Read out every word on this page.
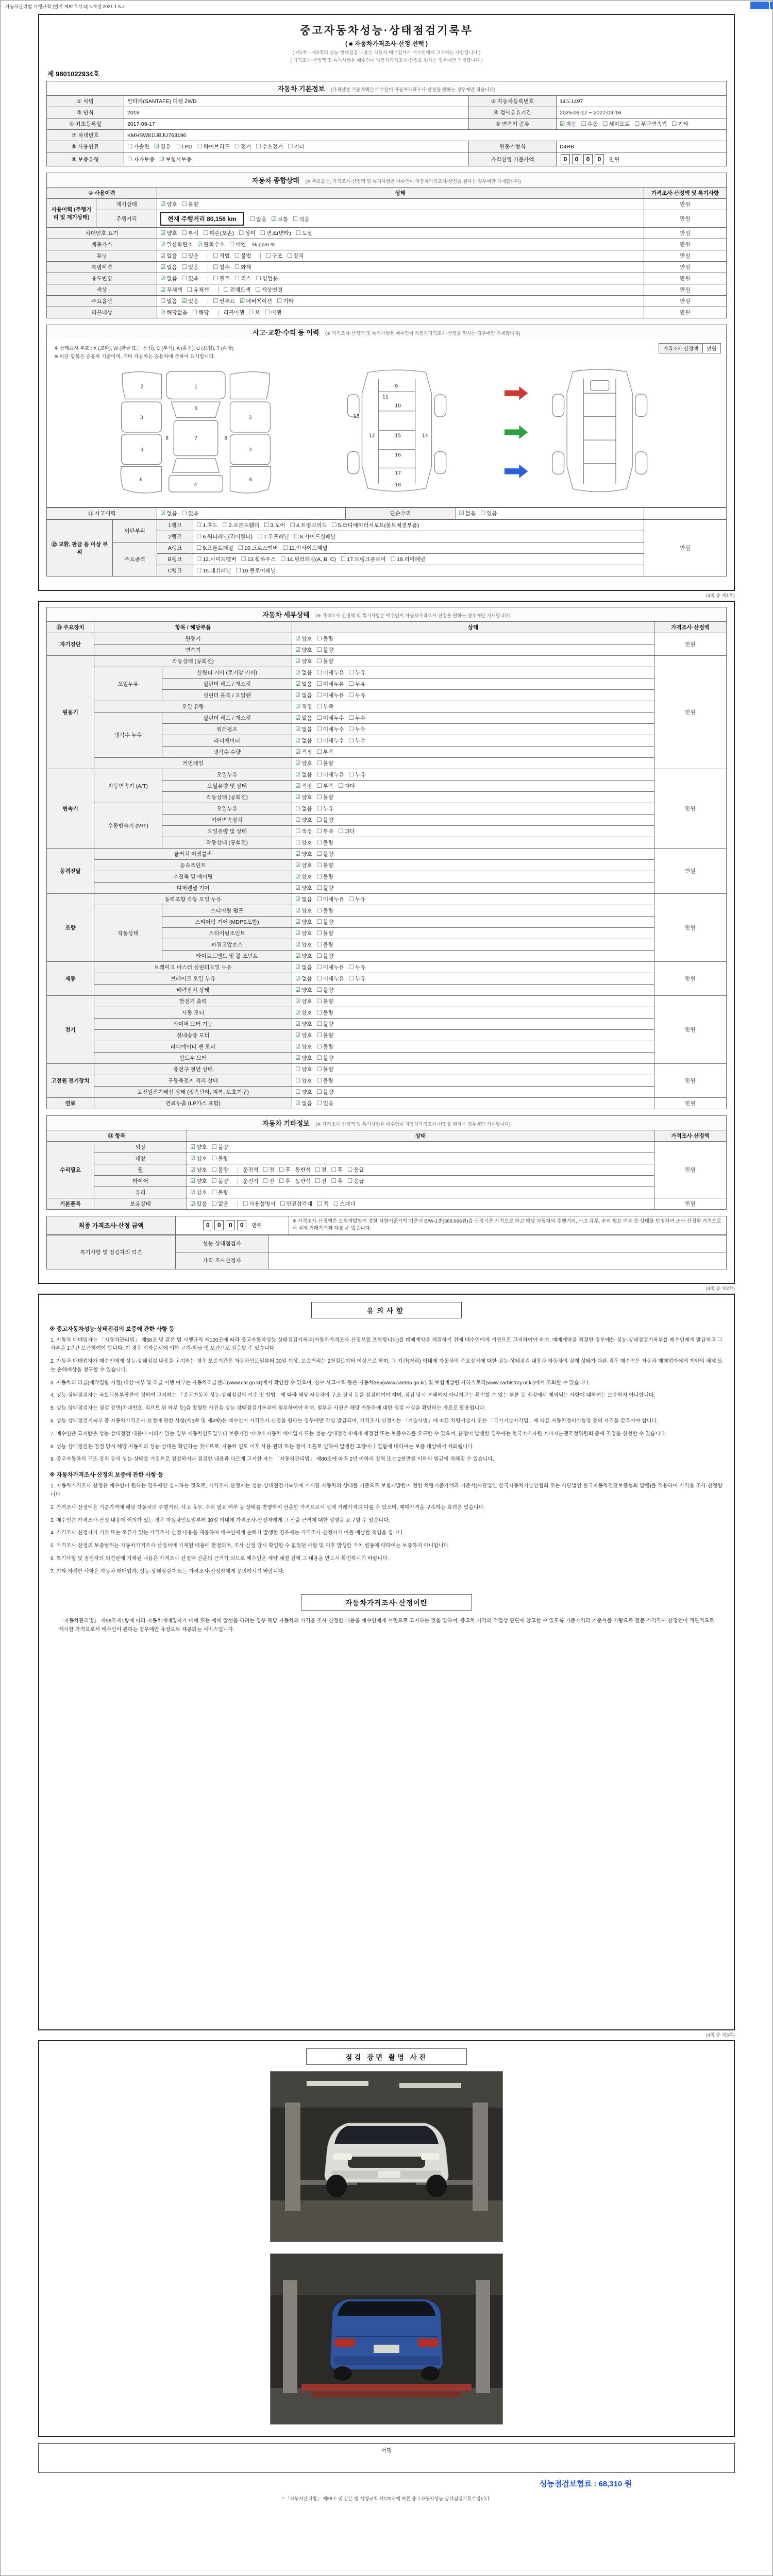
자동차관리법 시행규칙 [별지 제82호서식] <개정 2021.1.5.>
중고자동차성능·상태점검기록부
( ■ 자동차가격조사·산정 선택 )
( 제1쪽 ~ 제2쪽의 성능·상태점검 내용은 자동차 매매업자가 매수인에게 고지하는 사항입니다 )
( 가격조사·산정액 및 특기사항은 매수인이 자동차가격조사·산정을 원하는 경우에만 기재합니다 )
제 9801022934호
자동차 기본정보 (가격산정 기준가액은 매수인이 자동차가격조사·산정을 원하는 경우에만 적습니다)
① 차명	싼타페(SANTAFE) 디젤 2WD	② 자동차등록번호	14도1497
③ 연식	2018	④ 검사유효기간	2025-09-17 ~ 2027-09-16
⑤ 최초등록일	2017-09-17	⑥ 변속기 종류	☑ 자동 ☐ 수동 ☐ 세미오토 ☐ 무단변속기 ☐ 기타
⑦ 차대번호	KMHSW81UBJU763196		
⑧ 사용연료	☐ 가솔린 ☑ 경유 ☐ LPG ☐ 하이브리드 ☐ 전기 ☐ 수소전기 ☐ 기타	원동기형식	D4HB
⑨ 보증유형	☐ 자가보증 ☑ 보험사보증	가격산정 기준가액	0 0 0 0 만원
자동차 종합상태 (※ 주요옵션, 가격조사·산정액 및 특기사항은 매수인이 자동차가격조사·산정을 원하는 경우에만 기재합니다)
⑩ 사용이력		상태	가격조사·산정액 및 특기사항
사용이력 (주행거리 및 계기상태)	계기상태	☑ 양호 ☐ 불량	만원
	주행거리	현재 주행거리 80,156 km ☐ 많음 ☑ 보통 ☐ 적음	만원
차대번호 표기		☑ 양호 ☐ 부식 ☐ 훼손(오손) ☐ 상이 ☐ 변조(변타) ☐ 도말	만원
배출가스		☑ 일산화탄소 ☑ 탄화수소 ☐ 매연 % ppm %	만원
튜닝		☑ 없음 ☐ 있음 ☐ 적법 ☐ 불법 ☐ 구조 ☐ 장치	만원
특별이력		☑ 없음 ☐ 있음 ☐ 침수 ☐ 화재	만원
용도변경		☑ 없음 ☐ 있음 ☐ 렌트 ☐ 리스 ☐ 영업용	만원
색상		☑ 무채색 ☐ 유채색 ☐ 전체도색 ☐ 색상변경	만원
주요옵션		☐ 없음 ☑ 있음 ☐ 썬루프 ☑ 네비게이션 ☐ 기타	만원
리콜대상		☑ 해당없음 ☐ 해당 리콜이행 ☐ 요 ☐ 이행	만원
사고·교환·수리 등 이력 (※ 가격조사·산정액 및 특기사항은 매수인이 자동차가격조사·산정을 원하는 경우에만 기재합니다)
※ 상태표시 부호 : X (교환), W (판금 또는 용접), C (부식), A (흠집), U (요철), T (손상)
※ 하단 항목은 승용차 기준이며, 기타 자동차는 승용차에 준하여 표시합니다.
가격조사·산정액	만원
1
2
3
3
3
3
4
5
6	6
7
8	8
9
10
11
12
13
14
15
16
17
18
⑪ 사고이력	☑ 없음 ☐ 있음	단순수리	☑ 없음 ☐ 있음	
⑫ 교환, 판금 등 이상 부위	외판부위	1랭크	☐ 1.후드 ☐ 2.프론트휀더 ☐ 3.도어 ☐ 4.트렁크리드 ☐ 5.라디에이터서포트(볼트체결부품)	만원
		2랭크	☐ 6.쿼터패널(리어휀더) ☐ 7.루프패널 ☐ 8.사이드실패널	
	주요골격	A랭크	☐ 9.프론트패널 ☐ 10.크로스멤버 ☐ 11.인사이드패널	
		B랭크	☐ 12.사이드멤버 ☐ 13.휠하우스 ☐ 14.필러패널(A, B, C) ☐ 17.트렁크플로어 ☐ 18.리어패널	
		C랭크	☐ 15.대쉬패널 ☐ 16.플로어패널	
(4쪽 중 제1쪽)
자동차 세부상태 (※ 가격조사·산정액 및 특기사항은 매수인이 자동차가격조사·산정을 원하는 경우에만 기재합니다)
⑬ 주요장치	항목 / 해당부품		상태	가격조사·산정액
자기진단	원동기		☑ 양호 ☐ 불량	만원
	변속기		☑ 양호 ☐ 불량	
원동기	작동상태 (공회전)		☑ 양호 ☐ 불량	만원
	오일누유	실린더 커버 (로커암 커버)	☑ 없음 ☐ 미세누유 ☐ 누유	
		실린더 헤드 / 개스킷	☑ 없음 ☐ 미세누유 ☐ 누유	
		실린더 블록 / 오일팬	☑ 없음 ☐ 미세누유 ☐ 누유	
	오일 유량		☑ 적정 ☐ 부족	
	냉각수 누수	실린더 헤드 / 개스킷	☑ 없음 ☐ 미세누수 ☐ 누수	
		워터펌프	☑ 없음 ☐ 미세누수 ☐ 누수	
		라디에이터	☑ 없음 ☐ 미세누수 ☐ 누수	
		냉각수 수량	☑ 적정 ☐ 부족	
	커먼레일		☑ 양호 ☐ 불량	
변속기	자동변속기 (A/T)	오일누유	☑ 없음 ☐ 미세누유 ☐ 누유	만원
		오일유량 및 상태	☑ 적정 ☐ 부족 ☐ 과다	
		작동상태 (공회전)	☑ 양호 ☐ 불량	
	수동변속기 (M/T)	오일누유	☐ 없음 ☐ 누유	
		기어변속장치	☐ 양호 ☐ 불량	
		오일유량 및 상태	☐ 적정 ☐ 부족 ☐ 과다	
		작동상태 (공회전)	☐ 양호 ☐ 불량	
동력전달	클러치 어셈블리		☑ 양호 ☐ 불량	만원
	등속조인트		☑ 양호 ☐ 불량	
	추진축 및 베어링		☑ 양호 ☐ 불량	
	디퍼렌셜 기어		☑ 양호 ☐ 불량	
조향	동력조향 작동 오일 누유		☑ 없음 ☐ 미세누유 ☐ 누유	만원
	작동상태	스티어링 펌프	☑ 양호 ☐ 불량	
		스티어링 기어 (MDPS포함)	☑ 양호 ☐ 불량	
		스티어링조인트	☑ 양호 ☐ 불량	
		파워고압호스	☑ 양호 ☐ 불량	
		타이로드엔드 및 볼 조인트	☑ 양호 ☐ 불량	
제동	브레이크 마스터 실린더오일 누유		☑ 없음 ☐ 미세누유 ☐ 누유	만원
	브레이크 오일 누유		☑ 없음 ☐ 미세누유 ☐ 누유	
	배력장치 상태		☑ 양호 ☐ 불량	
전기	발전기 출력		☑ 양호 ☐ 불량	만원
	시동 모터		☑ 양호 ☐ 불량	
	와이퍼 모터 기능		☑ 양호 ☐ 불량	
	실내송풍 모터		☑ 양호 ☐ 불량	
	라디에이터 팬 모터		☑ 양호 ☐ 불량	
	윈도우 모터		☑ 양호 ☐ 불량	
고전원 전기장치	충전구 절연 상태		☐ 양호 ☐ 불량	만원
	구동축전지 격리 상태		☐ 양호 ☐ 불량	
	고전원전기배선 상태 (접속단자, 피복, 보호기구)		☐ 양호 ☐ 불량	
연료	연료누출 (LP가스 포함)		☑ 없음 ☐ 있음	만원
자동차 기타정보 (※ 가격조사·산정액 및 특기사항은 매수인이 자동차가격조사·산정을 원하는 경우에만 기재합니다)
⑭ 항목		상태	가격조사·산정액
수리필요	외장	☑ 양호 ☐ 불량	만원
	내장	☑ 양호 ☐ 불량	
	휠	☑ 양호 ☐ 불량 운전석 ☐ 전 ☐ 후 동반석 ☐ 전 ☐ 후 ☐ 응급	
	타이어	☑ 양호 ☐ 불량 운전석 ☐ 전 ☐ 후 동반석 ☐ 전 ☐ 후 ☐ 응급	
	유리	☑ 양호 ☐ 불량	
기본품목	보유상태	☑ 있음 ☐ 없음 ☐ 사용설명서 ☐ 안전삼각대 ☐ 잭 ☐ 스패너	만원
최종 가격조사·산정 금액	0 0 0 0 만원	※ 가격조사·산정액은 보험개발원이 정한 차량기준가액 기준서 B/W-1종(369,666원)을 산정기준 가격으로 하고 해당 자동차의 주행거리, 사고 유무, 수리 필요 여부 등 상태를 반영하여 조사·산정한 가격으로서 실제 거래가격과 다를 수 있습니다.
특기사항 및 점검자의 의견	성능·상태점검자	
	가격·조사산정자	
(4쪽 중 제2쪽)
유의사항
※ 중고자동차성능·상태점검의 보증에 관한 사항 등
1. 자동차 매매업자는 「자동차관리법」 제58조 및 같은 법 시행규칙 제120조에 따라 중고자동차성능·상태점검기록부(자동차가격조사·산정서를 포함합니다)를 매매계약을 체결하기 전에 매수인에게 서면으로 고지하여야 하며, 매매계약을 체결한 경우에는 성능·상태점검기록부를 매수인에게 발급하고 그 사본을 1년간 보관하여야 합니다. 이 경우 전자문서에 의한 고지·발급 및 보관으로 갈음할 수 있습니다.
2. 자동차 매매업자가 매수인에게 성능·상태점검 내용을 고지하는 경우 보증기간은 자동차인도일부터 30일 이상, 보증거리는 2천킬로미터 이상으로 하며, 그 기간(거리) 이내에 자동차의 주요장치에 대한 성능·상태점검 내용과 자동차의 실제 상태가 다른 경우 매수인은 자동차 매매업자에게 계약의 해제 또는 손해배상을 청구할 수 있습니다.
3. 자동차의 리콜(제작결함 시정) 대상 여부 및 리콜 이행 여부는 자동차리콜센터(www.car.go.kr)에서 확인할 수 있으며, 침수·사고이력 등은 자동차365(www.car365.go.kr) 및 보험개발원 카히스토리(www.carhistory.or.kr)에서 조회할 수 있습니다.
4. 성능·상태점검자는 국토교통부장관이 정하여 고시하는 「중고자동차 성능·상태점검의 기준 및 방법」에 따라 해당 자동차의 구조·장치 등을 점검하여야 하며, 점검 당시 분해하지 아니하고는 확인할 수 없는 부분 등 점검에서 제외되는 사항에 대하여는 보증하지 아니합니다.
5. 성능·상태점검자는 점검 장면(차대번호, 리프트 위 하부 등)을 촬영한 사진을 성능·상태점검기록부에 첨부하여야 하며, 첨부된 사진은 해당 자동차에 대한 점검 사실을 확인하는 자료로 활용됩니다.
6. 성능·상태점검기록부 중 자동차가격조사·산정에 관한 사항(제3쪽 및 제4쪽)은 매수인이 가격조사·산정을 원하는 경우에만 작성·발급되며, 가격조사·산정자는 「기술사법」에 따른 차량기술사 또는 「국가기술자격법」에 따른 자동차정비기능장 등의 자격을 갖추어야 합니다.
7. 매수인은 고지받은 성능·상태점검 내용에 이의가 있는 경우 자동차인도일부터 보증기간 이내에 자동차 매매업자 또는 성능·상태점검자에게 재점검 또는 보증수리를 요구할 수 있으며, 분쟁이 발생한 경우에는 한국소비자원 소비자분쟁조정위원회 등에 조정을 신청할 수 있습니다.
8. 성능·상태점검은 점검 당시 해당 자동차의 성능·상태를 확인하는 것이므로, 자동차 인도 이후 사용·관리 또는 정비 소홀로 인하여 발생한 고장이나 결함에 대하여는 보증 대상에서 제외됩니다.
9. 중고자동차의 구조·장치 등의 성능·상태를 거짓으로 점검하거나 점검한 내용과 다르게 고지한 자는 「자동차관리법」 제80조에 따라 2년 이하의 징역 또는 2천만원 이하의 벌금에 처해질 수 있습니다.
※ 자동차가격조사·산정의 보증에 관한 사항 등
1. 자동차가격조사·산정은 매수인이 원하는 경우에만 실시하는 것으로, 가격조사·산정자는 성능·상태점검기록부에 기재된 자동차의 상태를 기준으로 보험개발원이 정한 차량기준가액과 기준서(사단법인 한국자동차기술인협회 또는 사단법인 한국자동차진단보증협회 발행)를 적용하여 가격을 조사·산정합니다.
2. 가격조사·산정액은 기준가격에 해당 자동차의 주행거리, 사고 유무, 수리 필요 여부 등 상태를 반영하여 산출한 가격으로서 실제 거래가격과 다를 수 있으며, 매매가격을 구속하는 효력은 없습니다.
3. 매수인은 가격조사·산정 내용에 이의가 있는 경우 자동차인도일부터 30일 이내에 가격조사·산정자에게 그 산출 근거에 대한 설명을 요구할 수 있습니다.
4. 가격조사·산정자가 거짓 또는 오류가 있는 가격조사·산정 내용을 제공하여 매수인에게 손해가 발생한 경우에는 가격조사·산정자가 이를 배상할 책임을 집니다.
5. 가격조사·산정의 보증범위는 자동차가격조사·산정서에 기재된 내용에 한정되며, 조사·산정 당시 확인할 수 없었던 사항 및 이후 발생한 가치 변동에 대하여는 보증하지 아니합니다.
6. 특기사항 및 점검자의 의견란에 기재된 내용은 가격조사·산정액 산출의 근거가 되므로 매수인은 계약 체결 전에 그 내용을 반드시 확인하시기 바랍니다.
7. 기타 자세한 사항은 자동차 매매업자, 성능·상태점검자 또는 가격조사·산정자에게 문의하시기 바랍니다.
자동차가격조사·산정이란
「자동차관리법」 제58조제1항에 따라 자동차매매업자가 매매 또는 매매 알선을 하려는 경우 해당 자동차의 가격을 조사·산정한 내용을 매수인에게 서면으로 고지하는 것을 말하며, 중고차 가격의 적절성 판단에 참고할 수 있도록 기준가격과 기준서를 바탕으로 전문 가격조사·산정인이 객관적으로 제시한 가격으로서 매수인이 원하는 경우에만 유상으로 제공되는 서비스입니다.
(4쪽 중 제3쪽)
점검 장면 촬영 사진
서명
성능점검보험료 : 68,310 원
* 「자동차관리법」 제58조 및 같은 법 시행규칙 제120조에 따른 중고자동차성능·상태점검기록부입니다.
